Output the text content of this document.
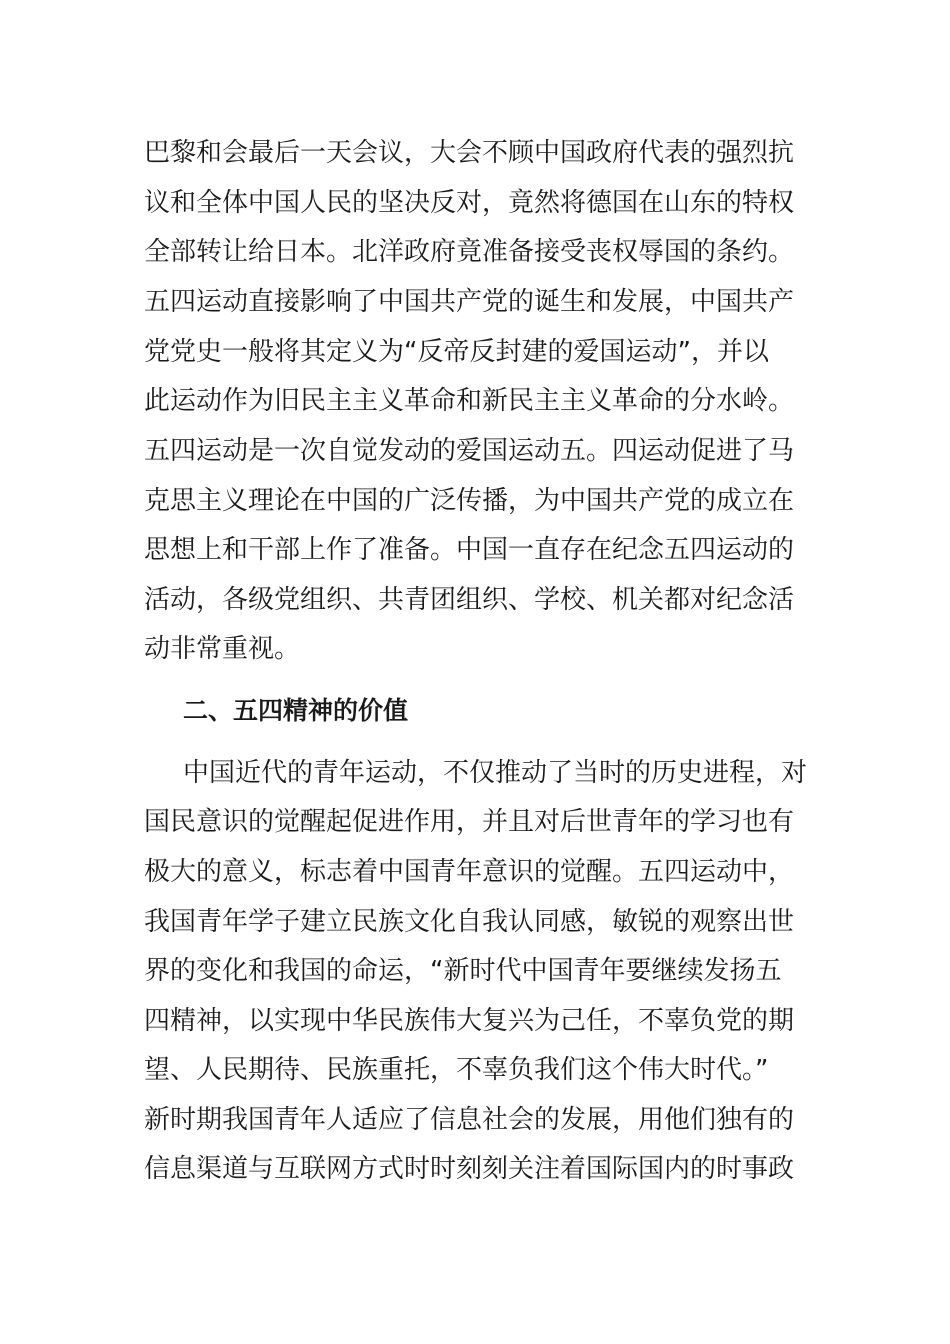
巴黎和会最后一天会议，大会不顾中国政府代表的强烈抗
议和全体中国人民的坚决反对，竟然将德国在山东的特权
全部转让给日本。北洋政府竟准备接受丧权辱国的条约。
五四运动直接影响了中国共产党的诞生和发展，中国共产
党党史一般将其定义为“反帝反封建的爱国运动”，并以
此运动作为旧民主主义革命和新民主主义革命的分水岭。
五四运动是一次自觉发动的爱国运动五。四运动促进了马
克思主义理论在中国的广泛传播，为中国共产党的成立在
思想上和干部上作了准备。中国一直存在纪念五四运动的
活动，各级党组织、共青团组织、学校、机关都对纪念活
动非常重视。
二、五四精神的价值
中国近代的青年运动，不仅推动了当时的历史进程，对
国民意识的觉醒起促进作用，并且对后世青年的学习也有
极大的意义，标志着中国青年意识的觉醒。五四运动中，
我国青年学子建立民族文化自我认同感，敏锐的观察出世
界的变化和我国的命运，“新时代中国青年要继续发扬五
四精神，以实现中华民族伟大复兴为己任，不辜负党的期
望、人民期待、民族重托，不辜负我们这个伟大时代。”
新时期我国青年人适应了信息社会的发展，用他们独有的
信息渠道与互联网方式时时刻刻关注着国际国内的时事政
